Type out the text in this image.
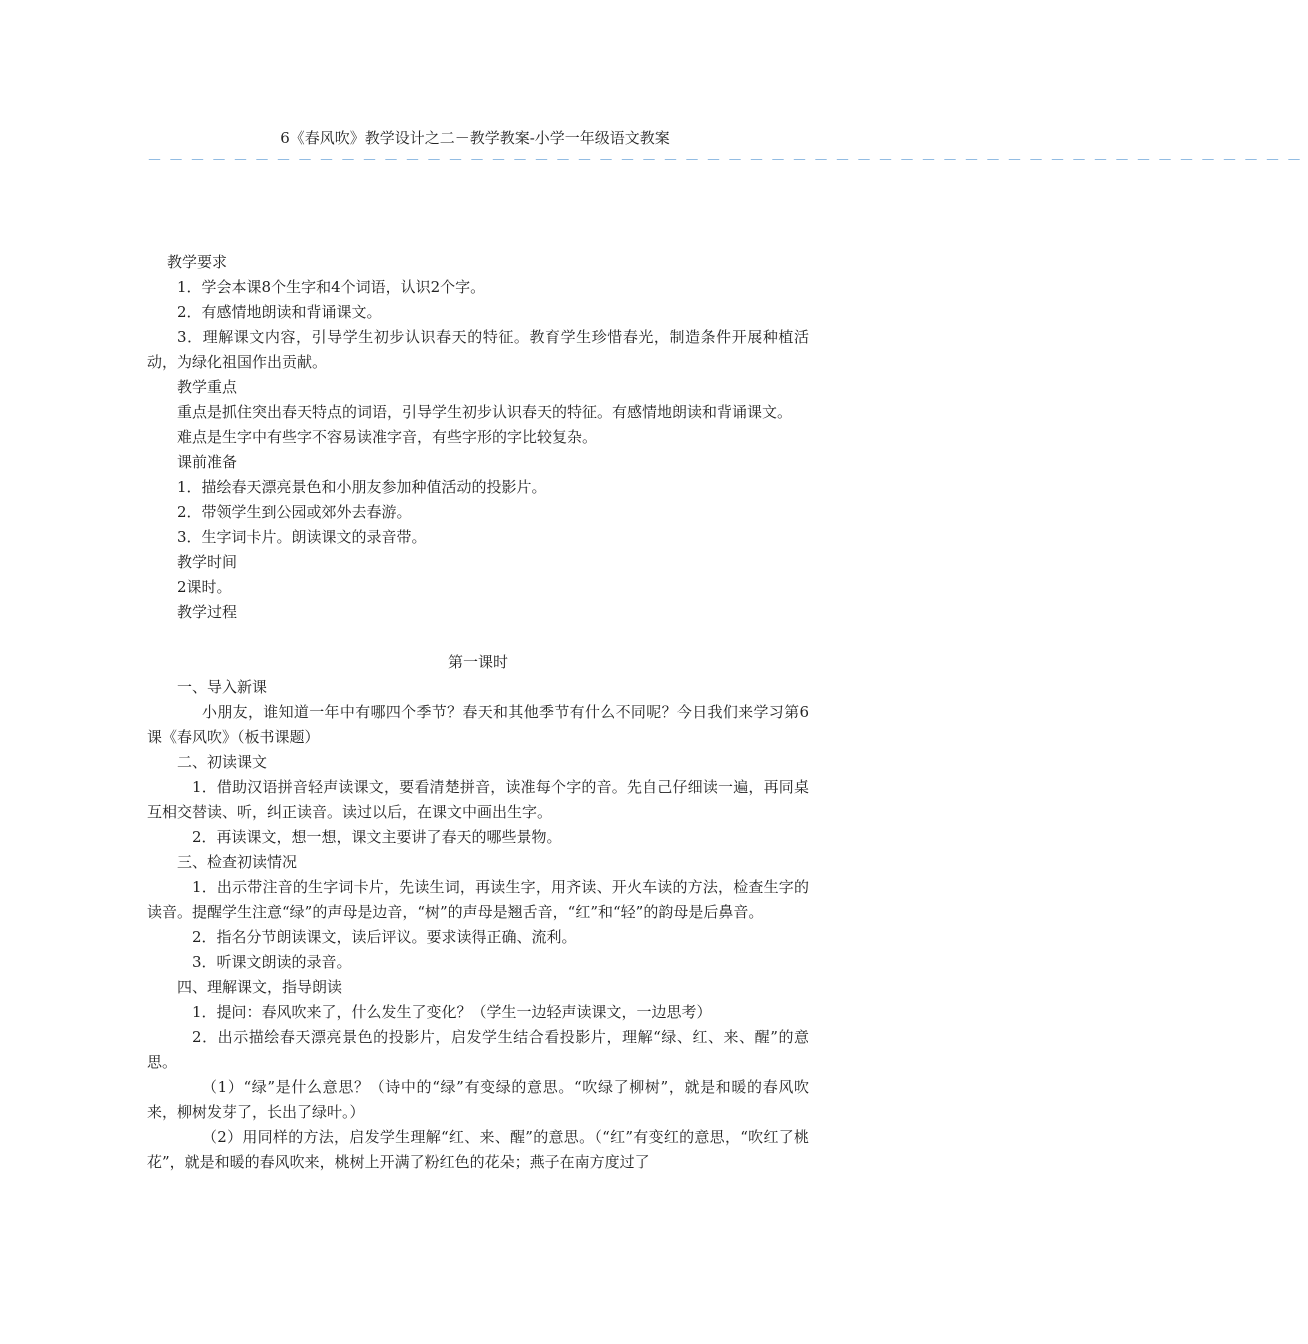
6《春风吹》教学设计之二－教学教案-小学一年级语文教案
－－－－－－－－－－－－－－－－－－－－－－－－－－－－－－－－－－－－－－－－－－－－－－－－－－－－－－

教学要求

1．学会本课8个生字和4个词语，认识2个字。

2．有感情地朗读和背诵课文。

3．理解课文内容，引导学生初步认识春天的特征。教育学生珍惜春光，制造条件开展种植活动，为绿化祖国作出贡献。

教学重点

重点是抓住突出春天特点的词语，引导学生初步认识春天的特征。有感情地朗读和背诵课文。

难点是生字中有些字不容易读准字音，有些字形的字比较复杂。

课前准备

1．描绘春天漂亮景色和小朋友参加种值活动的投影片。

2．带领学生到公园或郊外去春游。

3．生字词卡片。朗读课文的录音带。

教学时间

2课时。

教学过程

第一课时

一、导入新课

小朋友，谁知道一年中有哪四个季节？春天和其他季节有什么不同呢？今日我们来学习第6课《春风吹》（板书课题）

二、初读课文

1．借助汉语拼音轻声读课文，要看清楚拼音，读准每个字的音。先自己仔细读一遍，再同桌互相交替读、听，纠正读音。读过以后，在课文中画出生字。

2．再读课文，想一想，课文主要讲了春天的哪些景物。

三、检查初读情况

1．出示带注音的生字词卡片，先读生词，再读生字，用齐读、开火车读的方法，检查生字的读音。提醒学生注意“绿”的声母是边音，“树”的声母是翘舌音，“红”和“轻”的韵母是后鼻音。

2．指名分节朗读课文，读后评议。要求读得正确、流利。

3．听课文朗读的录音。

四、理解课文，指导朗读

1．提问：春风吹来了，什么发生了变化？（学生一边轻声读课文，一边思考）

2．出示描绘春天漂亮景色的投影片，启发学生结合看投影片，理解“绿、红、来、醒”的意思。

（1）“绿”是什么意思？（诗中的“绿”有变绿的意思。“吹绿了柳树”，就是和暖的春风吹来，柳树发芽了，长出了绿叶。）

（2）用同样的方法，启发学生理解“红、来、醒”的意思。（“红”有变红的意思，“吹红了桃花”，就是和暖的春风吹来，桃树上开满了粉红色的花朵；燕子在南方度过了
